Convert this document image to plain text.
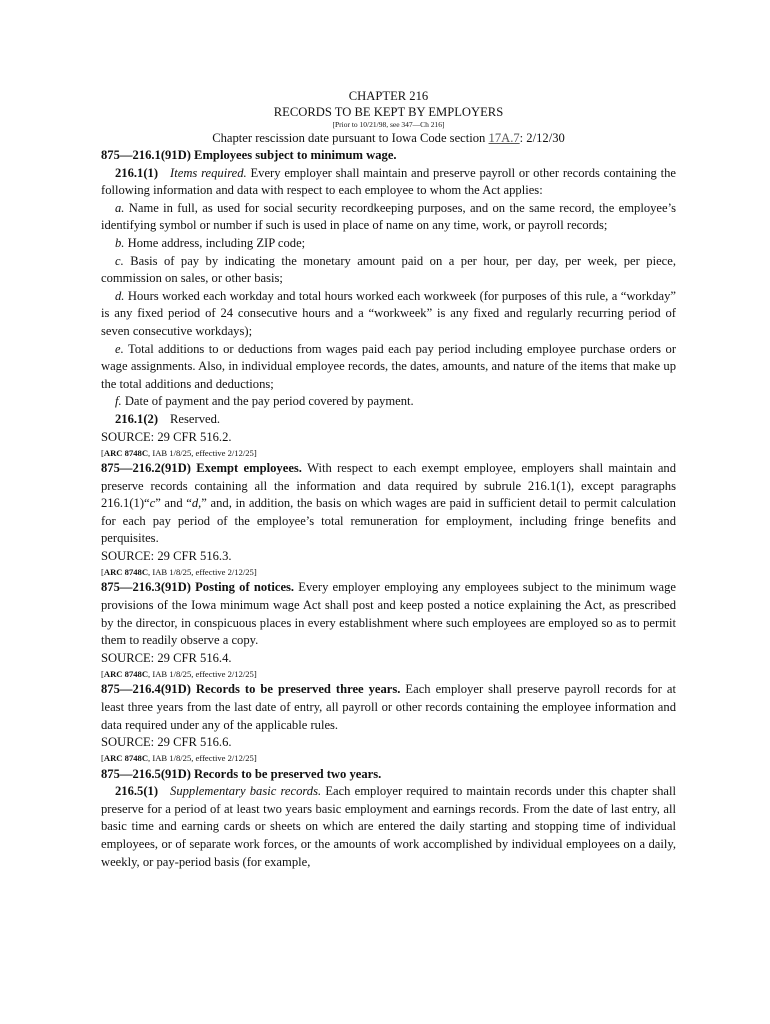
CHAPTER 216
RECORDS TO BE KEPT BY EMPLOYERS
[Prior to 10/21/98, see 347—Ch 216]
Chapter rescission date pursuant to Iowa Code section 17A.7: 2/12/30

875—216.1(91D) Employees subject to minimum wage.

216.1(1) Items required. Every employer shall maintain and preserve payroll or other records containing the following information and data with respect to each employee to whom the Act applies:

a. Name in full, as used for social security recordkeeping purposes, and on the same record, the employee’s identifying symbol or number if such is used in place of name on any time, work, or payroll records;

b. Home address, including ZIP code;

c. Basis of pay by indicating the monetary amount paid on a per hour, per day, per week, per piece, commission on sales, or other basis;

d. Hours worked each workday and total hours worked each workweek (for purposes of this rule, a “workday” is any fixed period of 24 consecutive hours and a “workweek” is any fixed and regularly recurring period of seven consecutive workdays);

e. Total additions to or deductions from wages paid each pay period including employee purchase orders or wage assignments. Also, in individual employee records, the dates, amounts, and nature of the items that make up the total additions and deductions;

f. Date of payment and the pay period covered by payment.

216.1(2) Reserved.

SOURCE: 29 CFR 516.2.

[ARC 8748C, IAB 1/8/25, effective 2/12/25]

875—216.2(91D) Exempt employees. With respect to each exempt employee, employers shall maintain and preserve records containing all the information and data required by subrule 216.1(1), except paragraphs 216.1(1)“c” and “d,” and, in addition, the basis on which wages are paid in sufficient detail to permit calculation for each pay period of the employee’s total remuneration for employment, including fringe benefits and perquisites.

SOURCE: 29 CFR 516.3.

[ARC 8748C, IAB 1/8/25, effective 2/12/25]

875—216.3(91D) Posting of notices. Every employer employing any employees subject to the minimum wage provisions of the Iowa minimum wage Act shall post and keep posted a notice explaining the Act, as prescribed by the director, in conspicuous places in every establishment where such employees are employed so as to permit them to readily observe a copy.

SOURCE: 29 CFR 516.4.

[ARC 8748C, IAB 1/8/25, effective 2/12/25]

875—216.4(91D) Records to be preserved three years. Each employer shall preserve payroll records for at least three years from the last date of entry, all payroll or other records containing the employee information and data required under any of the applicable rules.

SOURCE: 29 CFR 516.6.

[ARC 8748C, IAB 1/8/25, effective 2/12/25]

875—216.5(91D) Records to be preserved two years.

216.5(1) Supplementary basic records. Each employer required to maintain records under this chapter shall preserve for a period of at least two years basic employment and earnings records. From the date of last entry, all basic time and earning cards or sheets on which are entered the daily starting and stopping time of individual employees, or of separate work forces, or the amounts of work accomplished by individual employees on a daily, weekly, or pay-period basis (for example,
